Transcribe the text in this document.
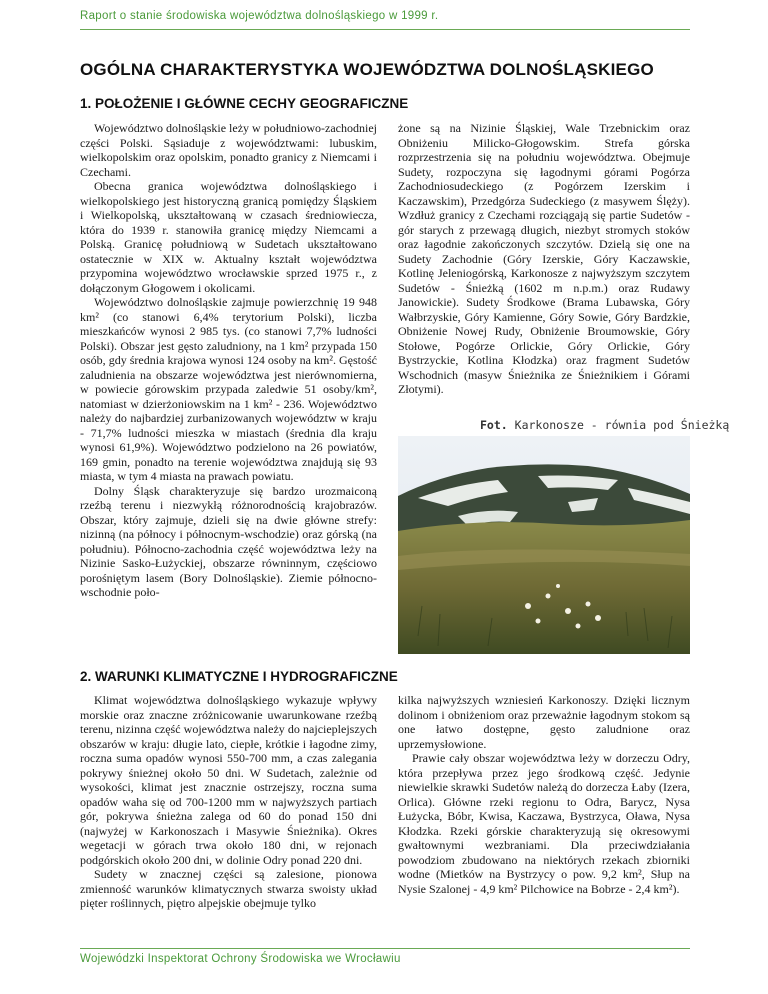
Raport o stanie środowiska województwa dolnośląskiego w 1999 r.
OGÓLNA CHARAKTERYSTYKA WOJEWÓDZTWA DOLNOŚLĄSKIEGO
1. POŁOŻENIE I GŁÓWNE CECHY GEOGRAFICZNE

Województwo dolnośląskie leży w południowo-zachodniej części Polski. Sąsiaduje z województwami: lubuskim, wielkopolskim oraz opolskim, ponadto granicy z Niemcami i Czechami.

Obecna granica województwa dolnośląskiego i wielkopolskiego jest historyczną granicą pomiędzy Śląskiem i Wielkopolską, ukształtowaną w czasach średniowiecza, która do 1939 r. stanowiła granicę między Niemcami a Polską. Granicę południową w Sudetach ukształtowano ostatecznie w XIX w. Aktualny kształt województwa przypomina województwo wrocławskie sprzed 1975 r., z dołączonym Głogowem i okolicami.

Województwo dolnośląskie zajmuje powierzchnię 19 948 km² (co stanowi 6,4% terytorium Polski), liczba mieszkańców wynosi 2 985 tys. (co stanowi 7,7% ludności Polski). Obszar jest gęsto zaludniony, na 1 km² przypada 150 osób, gdy średnia krajowa wynosi 124 osoby na km². Gęstość zaludnienia na obszarze województwa jest nierównomierna, w powiecie górowskim przypada zaledwie 51 osoby/km², natomiast w dzierżoniowskim na 1 km² - 236. Województwo należy do najbardziej zurbanizowanych województw w kraju - 71,7% ludności mieszka w miastach (średnia dla kraju wynosi 61,9%). Województwo podzielono na 26 powiatów, 169 gmin, ponadto na terenie województwa znajdują się 93 miasta, w tym 4 miasta na prawach powiatu.

Dolny Śląsk charakteryzuje się bardzo urozmaiconą rzeźbą terenu i niezwykłą różnorodnością krajobrazów. Obszar, który zajmuje, dzieli się na dwie główne strefy: nizinną (na północy i północnym-wschodzie) oraz górską (na południu). Północno-zachodnia część województwa leży na Nizinie Sasko-Łużyckiej, obszarze równinnym, częściowo porośniętym lasem (Bory Dolnośląskie). Ziemie północno-wschodnie poło-

żone są na Nizinie Śląskiej, Wale Trzebnickim oraz Obniżeniu Milicko-Głogowskim. Strefa górska rozprzestrzenia się na południu województwa. Obejmuje Sudety, rozpoczyna się łagodnymi górami Pogórza Zachodniosudeckiego (z Pogórzem Izerskim i Kaczawskim), Przedgórza Sudeckiego (z masywem Ślęży). Wzdłuż granicy z Czechami rozciągają się partie Sudetów - gór starych z przewagą długich, niezbyt stromych stoków oraz łagodnie zakończonych szczytów. Dzielą się one na Sudety Zachodnie (Góry Izerskie, Góry Kaczawskie, Kotlinę Jeleniogórską, Karkonosze z najwyższym szczytem Sudetów - Śnieżką (1602 m n.p.m.) oraz Rudawy Janowickie). Sudety Środkowe (Brama Lubawska, Góry Wałbrzyskie, Góry Kamienne, Góry Sowie, Góry Bardzkie, Obniżenie Nowej Rudy, Obniżenie Broumowskie, Góry Stołowe, Pogórze Orlickie, Góry Orlickie, Góry Bystrzyckie, Kotlina Kłodzka) oraz fragment Sudetów Wschodnich (masyw Śnieżnika ze Śnieżnikiem i Górami Złotymi).

Fot. Karkonosze - równia pod Śnieżką
2. WARUNKI KLIMATYCZNE I HYDROGRAFICZNE

Klimat województwa dolnośląskiego wykazuje wpływy morskie oraz znaczne zróżnicowanie uwarunkowane rzeźbą terenu, nizinna część województwa należy do najcieplejszych obszarów w kraju: długie lato, ciepłe, krótkie i łagodne zimy, roczna suma opadów wynosi 550-700 mm, a czas zalegania pokrywy śnieżnej około 50 dni. W Sudetach, zależnie od wysokości, klimat jest znacznie ostrzejszy, roczna suma opadów waha się od 700-1200 mm w najwyższych partiach gór, pokrywa śnieżna zalega od 60 do ponad 150 dni (najwyżej w Karkonoszach i Masywie Śnieżnika). Okres wegetacji w górach trwa około 180 dni, w rejonach podgórskich około 200 dni, w dolinie Odry ponad 220 dni.

Sudety w znacznej części są zalesione, pionowa zmienność warunków klimatycznych stwarza swoisty układ pięter roślinnych, piętro alpejskie obejmuje tylko

kilka najwyższych wzniesień Karkonoszy. Dzięki licznym dolinom i obniżeniom oraz przeważnie łagodnym stokom są one łatwo dostępne, gęsto zaludnione oraz uprzemysłowione.

Prawie cały obszar województwa leży w dorzeczu Odry, która przepływa przez jego środkową część. Jedynie niewielkie skrawki Sudetów należą do dorzecza Łaby (Izera, Orlica). Główne rzeki regionu to Odra, Barycz, Nysa Łużycka, Bóbr, Kwisa, Kaczawa, Bystrzyca, Oława, Nysa Kłodzka. Rzeki górskie charakteryzują się okresowymi gwałtownymi wezbraniami. Dla przeciwdziałania powodziom zbudowano na niektórych rzekach zbiorniki wodne (Mietków na Bystrzycy o pow. 9,2 km², Słup na Nysie Szalonej - 4,9 km² Pilchowice na Bobrze - 2,4 km²).

Wojewódzki Inspektorat Ochrony Środowiska we Wrocławiu
